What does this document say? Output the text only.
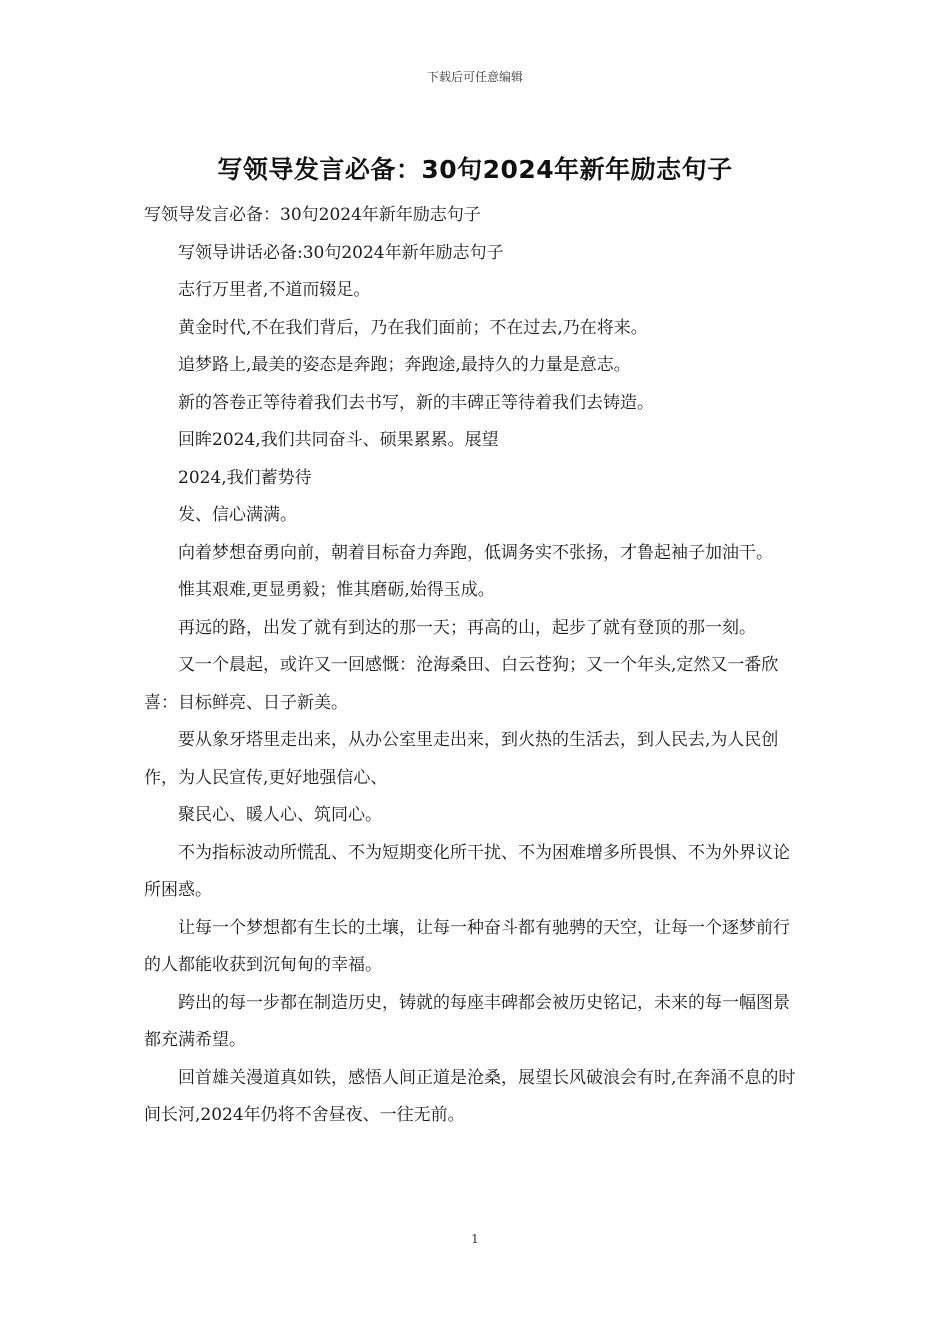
下载后可任意编辑
写领导发言必备：30句2024年新年励志句子

写领导发言必备：30句2024年新年励志句子

写领导讲话必备:30句2024年新年励志句子

志行万里者,不道而辍足。

黄金时代,不在我们背后，乃在我们面前；不在过去,乃在将来。

追梦路上,最美的姿态是奔跑；奔跑途,最持久的力量是意志。

新的答卷正等待着我们去书写，新的丰碑正等待着我们去铸造。

回眸2024,我们共同奋斗、硕果累累。展望

2024,我们蓄势待

发、信心满满。

向着梦想奋勇向前，朝着目标奋力奔跑，低调务实不张扬，才鲁起袖子加油干。

惟其艰难,更显勇毅；惟其磨砺,始得玉成。

再远的路，出发了就有到达的那一天；再高的山，起步了就有登顶的那一刻。

又一个晨起，或许又一回感慨：沧海桑田、白云苍狗；又一个年头,定然又一番欣喜：目标鲜亮、日子新美。

要从象牙塔里走出来，从办公室里走出来，到火热的生活去，到人民去,为人民创作，为人民宣传,更好地强信心、

聚民心、暖人心、筑同心。

不为指标波动所慌乱、不为短期变化所干扰、不为困难增多所畏惧、不为外界议论所困惑。

让每一个梦想都有生长的土壤，让每一种奋斗都有驰骋的天空，让每一个逐梦前行的人都能收获到沉甸甸的幸福。

跨出的每一步都在制造历史，铸就的每座丰碑都会被历史铭记，未来的每一幅图景都充满希望。

回首雄关漫道真如铁，感悟人间正道是沧桑，展望长风破浪会有时,在奔涌不息的时间长河,2024年仍将不舍昼夜、一往无前。

1
